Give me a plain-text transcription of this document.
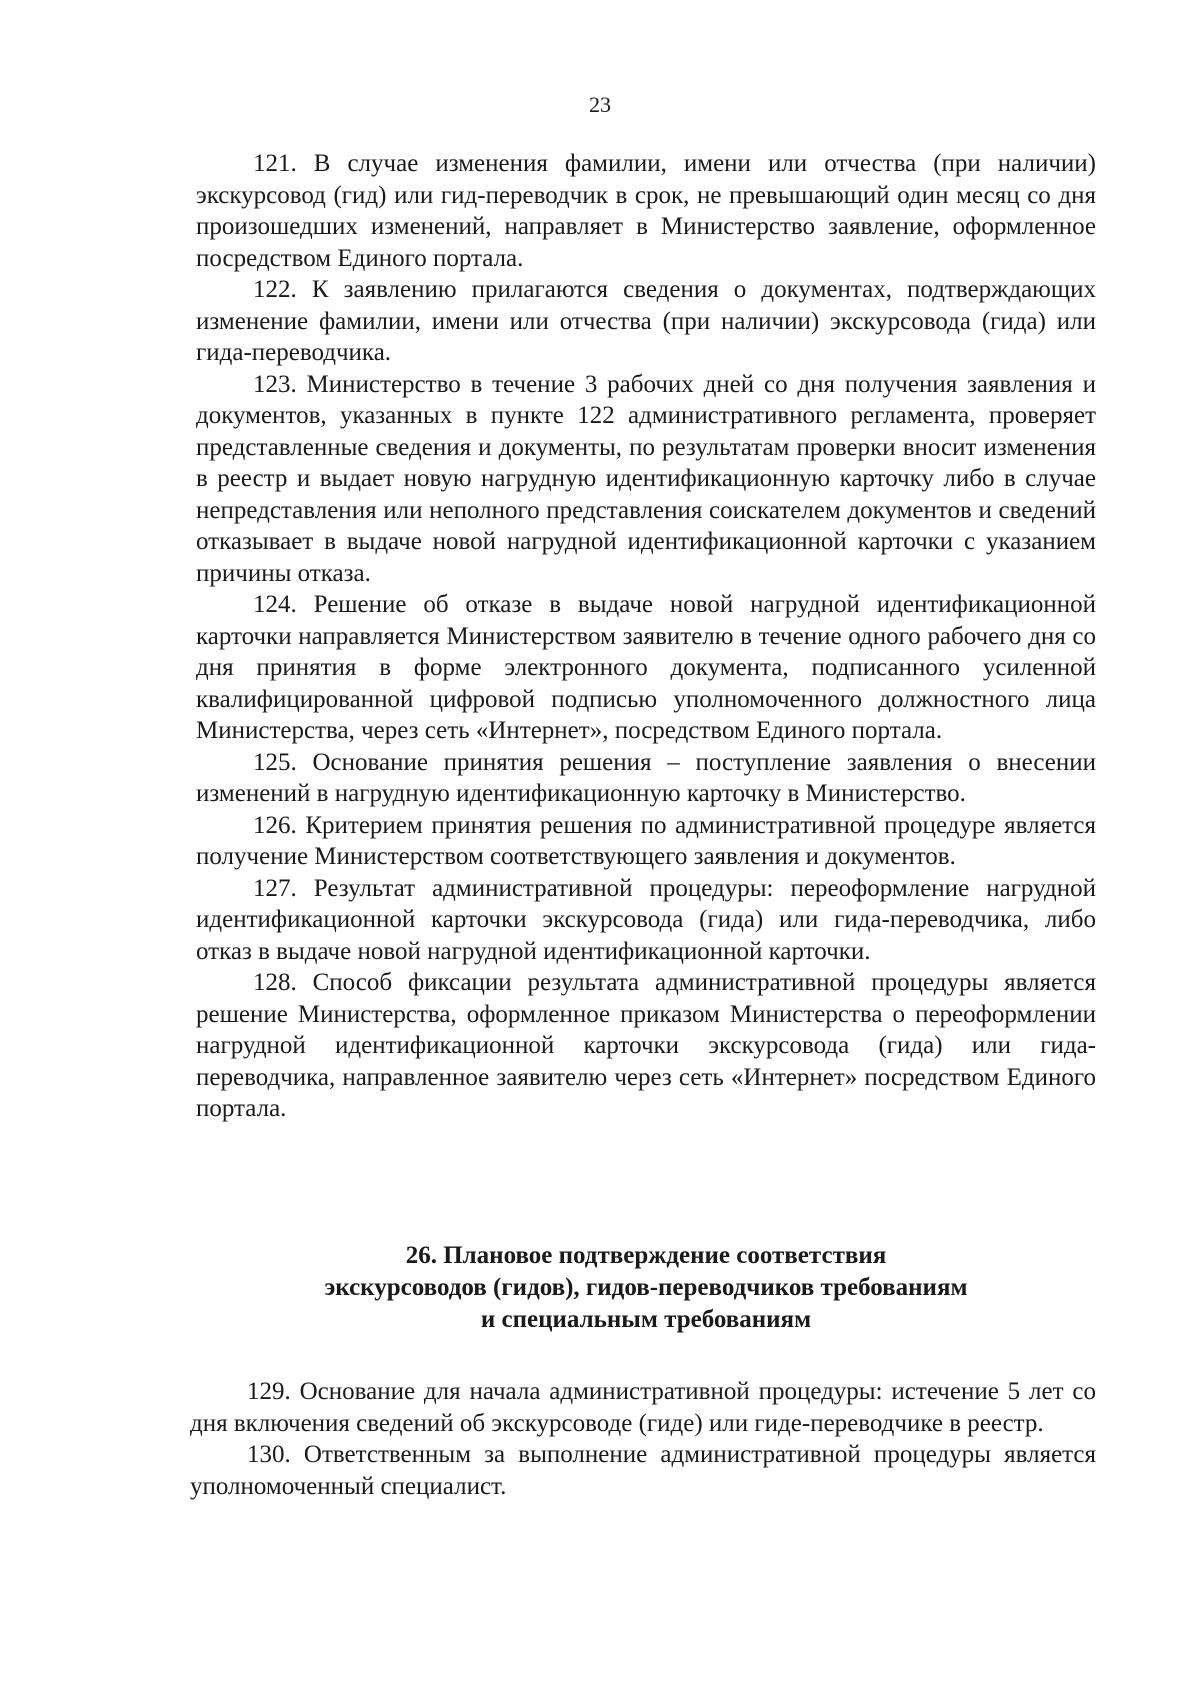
23

121. В случае изменения фамилии, имени или отчества (при наличии) экскурсовод (гид) или гид-переводчик в срок, не превышающий один месяц со дня произошедших изменений, направляет в Министерство заявление, оформленное посредством Единого портала.

122. К заявлению прилагаются сведения о документах, подтверждающих изменение фамилии, имени или отчества (при наличии) экскурсовода (гида) или гида-переводчика.

123. Министерство в течение 3 рабочих дней со дня получения заявления и документов, указанных в пункте 122 административного регламента, проверяет представленные сведения и документы, по результатам проверки вносит изменения в реестр и выдает новую нагрудную идентификационную карточку либо в случае непредставления или неполного представления соискателем документов и сведений отказывает в выдаче новой нагрудной идентификационной карточки с указанием причины отказа.

124. Решение об отказе в выдаче новой нагрудной идентификационной карточки направляется Министерством заявителю в течение одного рабочего дня со дня принятия в форме электронного документа, подписанного усиленной квалифицированной цифровой подписью уполномоченного должностного лица Министерства, через сеть «Интернет», посредством Единого портала.

125. Основание принятия решения – поступление заявления о внесении изменений в нагрудную идентификационную карточку в Министерство.

126. Критерием принятия решения по административной процедуре является получение Министерством соответствующего заявления и документов.

127. Результат административной процедуры: переоформление нагрудной идентификационной карточки экскурсовода (гида) или гида-переводчика, либо отказ в выдаче новой нагрудной идентификационной карточки.

128. Способ фиксации результата административной процедуры является решение Министерства, оформленное приказом Министерства о переоформлении нагрудной идентификационной карточки экскурсовода (гида) или гида-переводчика, направленное заявителю через сеть «Интернет» посредством Единого портала.

26. Плановое подтверждение соответствия
экскурсоводов (гидов), гидов-переводчиков требованиям
и специальным требованиям

129. Основание для начала административной процедуры: истечение 5 лет со дня включения сведений об экскурсоводе (гиде) или гиде-переводчике в реестр.

130. Ответственным за выполнение административной процедуры является уполномоченный специалист.
